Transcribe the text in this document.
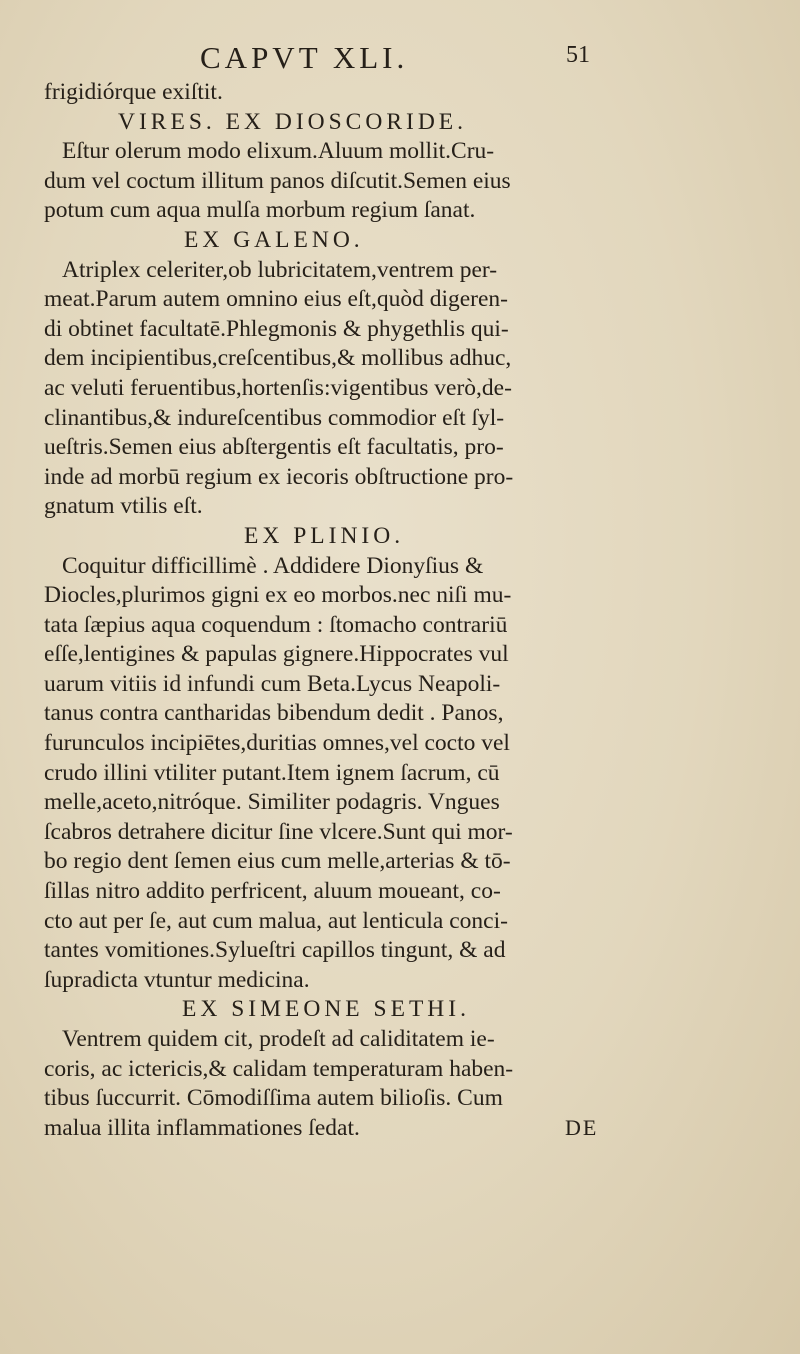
CAPVT XLI.	51
frigidiórque exiſtit.
VIRES. EX DIOSCORIDE.
Eſtur olerum modo elixum.Aluum mollit.Cru-
dum vel coctum illitum panos diſcutit.Semen eius
potum cum aqua mulſa morbum regium ſanat.
EX GALENO.
Atriplex celeriter,ob lubricitatem,ventrem per-
meat.Parum autem omnino eius eſt,quòd digeren-
di obtinet facultatē.Phlegmonis & phygethlis qui-
dem incipientibus,creſcentibus,& mollibus adhuc,
ac veluti feruentibus,hortenſis:vigentibus verò,de-
clinantibus,& indureſcentibus commodior eſt ſyl-
ueſtris.Semen eius abſtergentis eſt facultatis, pro-
inde ad morbū regium ex iecoris obſtructione pro-
gnatum vtilis eſt.
EX PLINIO.
Coquitur difficillimè . Addidere Dionyſius &
Diocles,plurimos gigni ex eo morbos.nec niſi mu-
tata ſæpius aqua coquendum : ſtomacho contrariū
eſſe,lentigines & papulas gignere.Hippocrates vul
uarum vitiis id infundi cum Beta.Lycus Neapoli-
tanus contra cantharidas bibendum dedit . Panos,
furunculos incipiētes,duritias omnes,vel coctо vel
crudo illini vtiliter putant.Item ignem ſacrum, cū
melle,aceto,nitróque. Similiter podagris. Vngues
ſcabros detrahere dicitur ſine vlcere.Sunt qui mor-
bo regio dent ſemen eius cum melle,arterias & tō-
ſillas nitro addito perfricent, aluum moueant, co-
cto aut per ſe, aut cum malua, aut lenticula conci-
tantes vomitiones.Sylueſtri capillos tingunt, & ad
ſupradicta vtuntur medicina.
EX SIMEONE SETHI.
Ventrem quidem cit, prodeſt ad caliditatem ie-
coris, ac ictericis,& calidam temperaturam haben-
tibus ſuccurrit. Cōmodiſſima autem bilioſis. Cum
malua illita inflammationes ſedat.	DE
